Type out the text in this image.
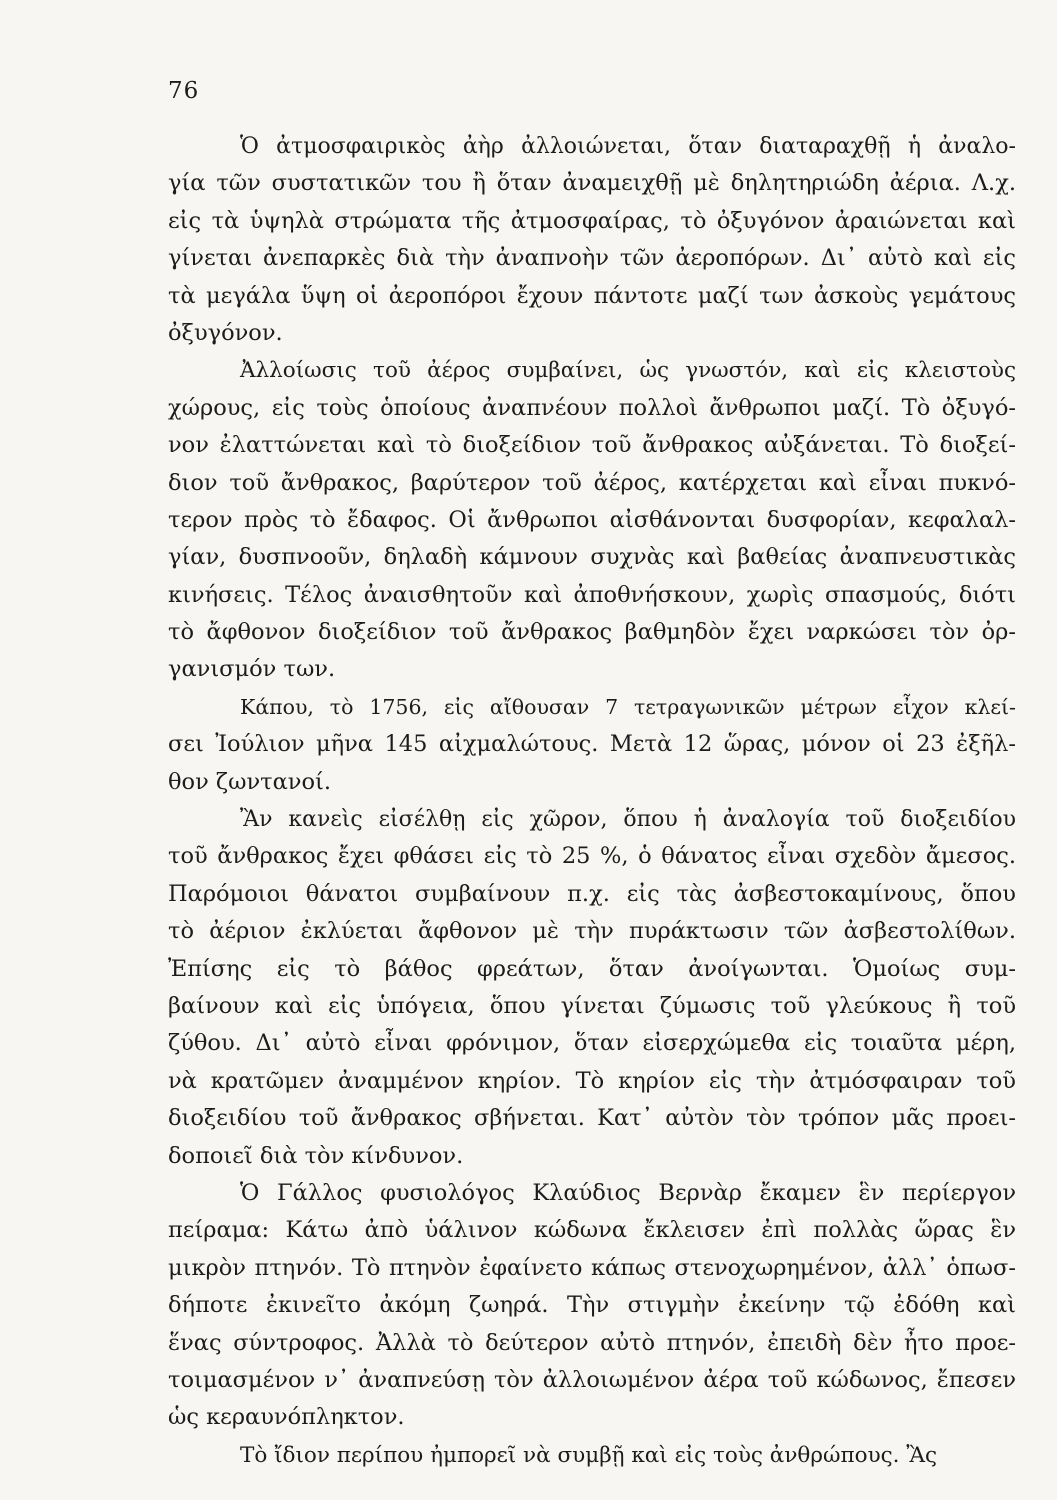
76
Ὁ ἀτμοσφαιρικὸς ἀὴρ ἀλλοιώνεται, ὅταν διαταραχθῇ ἡ ἀναλο-
γία τῶν συστατικῶν του ἢ ὅταν ἀναμειχθῇ μὲ δηλητηριώδη ἀέρια. Λ.χ.
εἰς τὰ ὑψηλὰ στρώματα τῆς ἀτμοσφαίρας, τὸ ὀξυγόνον ἀραιώνεται καὶ
γίνεται ἀνεπαρκὲς διὰ τὴν ἀναπνοὴν τῶν ἀεροπόρων. Δι᾽ αὐτὸ καὶ εἰς
τὰ μεγάλα ὕψη οἱ ἀεροπόροι ἔχουν πάντοτε μαζί των ἀσκοὺς γεμάτους
ὀξυγόνον.
Ἀλλοίωσις τοῦ ἀέρος συμβαίνει, ὡς γνωστόν, καὶ εἰς κλειστοὺς
χώρους, εἰς τοὺς ὁποίους ἀναπνέουν πολλοὶ ἄνθρωποι μαζί. Τὸ ὀξυγό-
νον ἐλαττώνεται καὶ τὸ διοξείδιον τοῦ ἄνθρακος αὐξάνεται. Τὸ διοξεί-
διον τοῦ ἄνθρακος, βαρύτερον τοῦ ἀέρος, κατέρχεται καὶ εἶναι πυκνό-
τερον πρὸς τὸ ἔδαφος. Οἱ ἄνθρωποι αἰσθάνονται δυσφορίαν, κεφαλαλ-
γίαν, δυσπνοοῦν, δηλαδὴ κάμνουν συχνὰς καὶ βαθείας ἀναπνευστικὰς
κινήσεις. Τέλος ἀναισθητοῦν καὶ ἀποθνήσκουν, χωρὶς σπασμούς, διότι
τὸ ἄφθονον διοξείδιον τοῦ ἄνθρακος βαθμηδὸν ἔχει ναρκώσει τὸν ὀρ-
γανισμόν των.
Κάπου, τὸ 1756, εἰς αἴθουσαν 7 τετραγωνικῶν μέτρων εἶχον κλεί-
σει Ἰούλιον μῆνα 145 αἰχμαλώτους. Μετὰ 12 ὥρας, μόνον οἱ 23 ἐξῆλ-
θον ζωντανοί.
Ἂν κανεὶς εἰσέλθῃ εἰς χῶρον, ὅπου ἡ ἀναλογία τοῦ διοξειδίου
τοῦ ἄνθρακος ἔχει φθάσει εἰς τὸ 25 %, ὁ θάνατος εἶναι σχεδὸν ἄμεσος.
Παρόμοιοι θάνατοι συμβαίνουν π.χ. εἰς τὰς ἀσβεστοκαμίνους, ὅπου
τὸ ἀέριον ἐκλύεται ἄφθονον μὲ τὴν πυράκτωσιν τῶν ἀσβεστολίθων.
Ἐπίσης εἰς τὸ βάθος φρεάτων, ὅταν ἀνοίγωνται. Ὁμοίως συμ-
βαίνουν καὶ εἰς ὑπόγεια, ὅπου γίνεται ζύμωσις τοῦ γλεύκους ἢ τοῦ
ζύθου. Δι᾽ αὐτὸ εἶναι φρόνιμον, ὅταν εἰσερχώμεθα εἰς τοιαῦτα μέρη,
νὰ κρατῶμεν ἀναμμένον κηρίον. Τὸ κηρίον εἰς τὴν ἀτμόσφαιραν τοῦ
διοξειδίου τοῦ ἄνθρακος σβήνεται. Κατ᾽ αὐτὸν τὸν τρόπον μᾶς προει-
δοποιεῖ διὰ τὸν κίνδυνον.
Ὁ Γάλλος φυσιολόγος Κλαύδιος Βερνὰρ ἔκαμεν ἓν περίεργον
πείραμα: Κάτω ἀπὸ ὑάλινον κώδωνα ἔκλεισεν ἐπὶ πολλὰς ὥρας ἓν
μικρὸν πτηνόν. Τὸ πτηνὸν ἐφαίνετο κάπως στενοχωρημένον, ἀλλ᾽ ὁπωσ-
δήποτε ἐκινεῖτο ἀκόμη ζωηρά. Τὴν στιγμὴν ἐκείνην τῷ ἐδόθη καὶ
ἕνας σύντροφος. Ἀλλὰ τὸ δεύτερον αὐτὸ πτηνόν, ἐπειδὴ δὲν ἦτο προε-
τοιμασμένον ν᾽ ἀναπνεύσῃ τὸν ἀλλοιωμένον ἀέρα τοῦ κώδωνος, ἔπεσεν
ὡς κεραυνόπληκτον.
Τὸ ἴδιον περίπου ἠμπορεῖ νὰ συμβῇ καὶ εἰς τοὺς ἀνθρώπους. Ἂς
